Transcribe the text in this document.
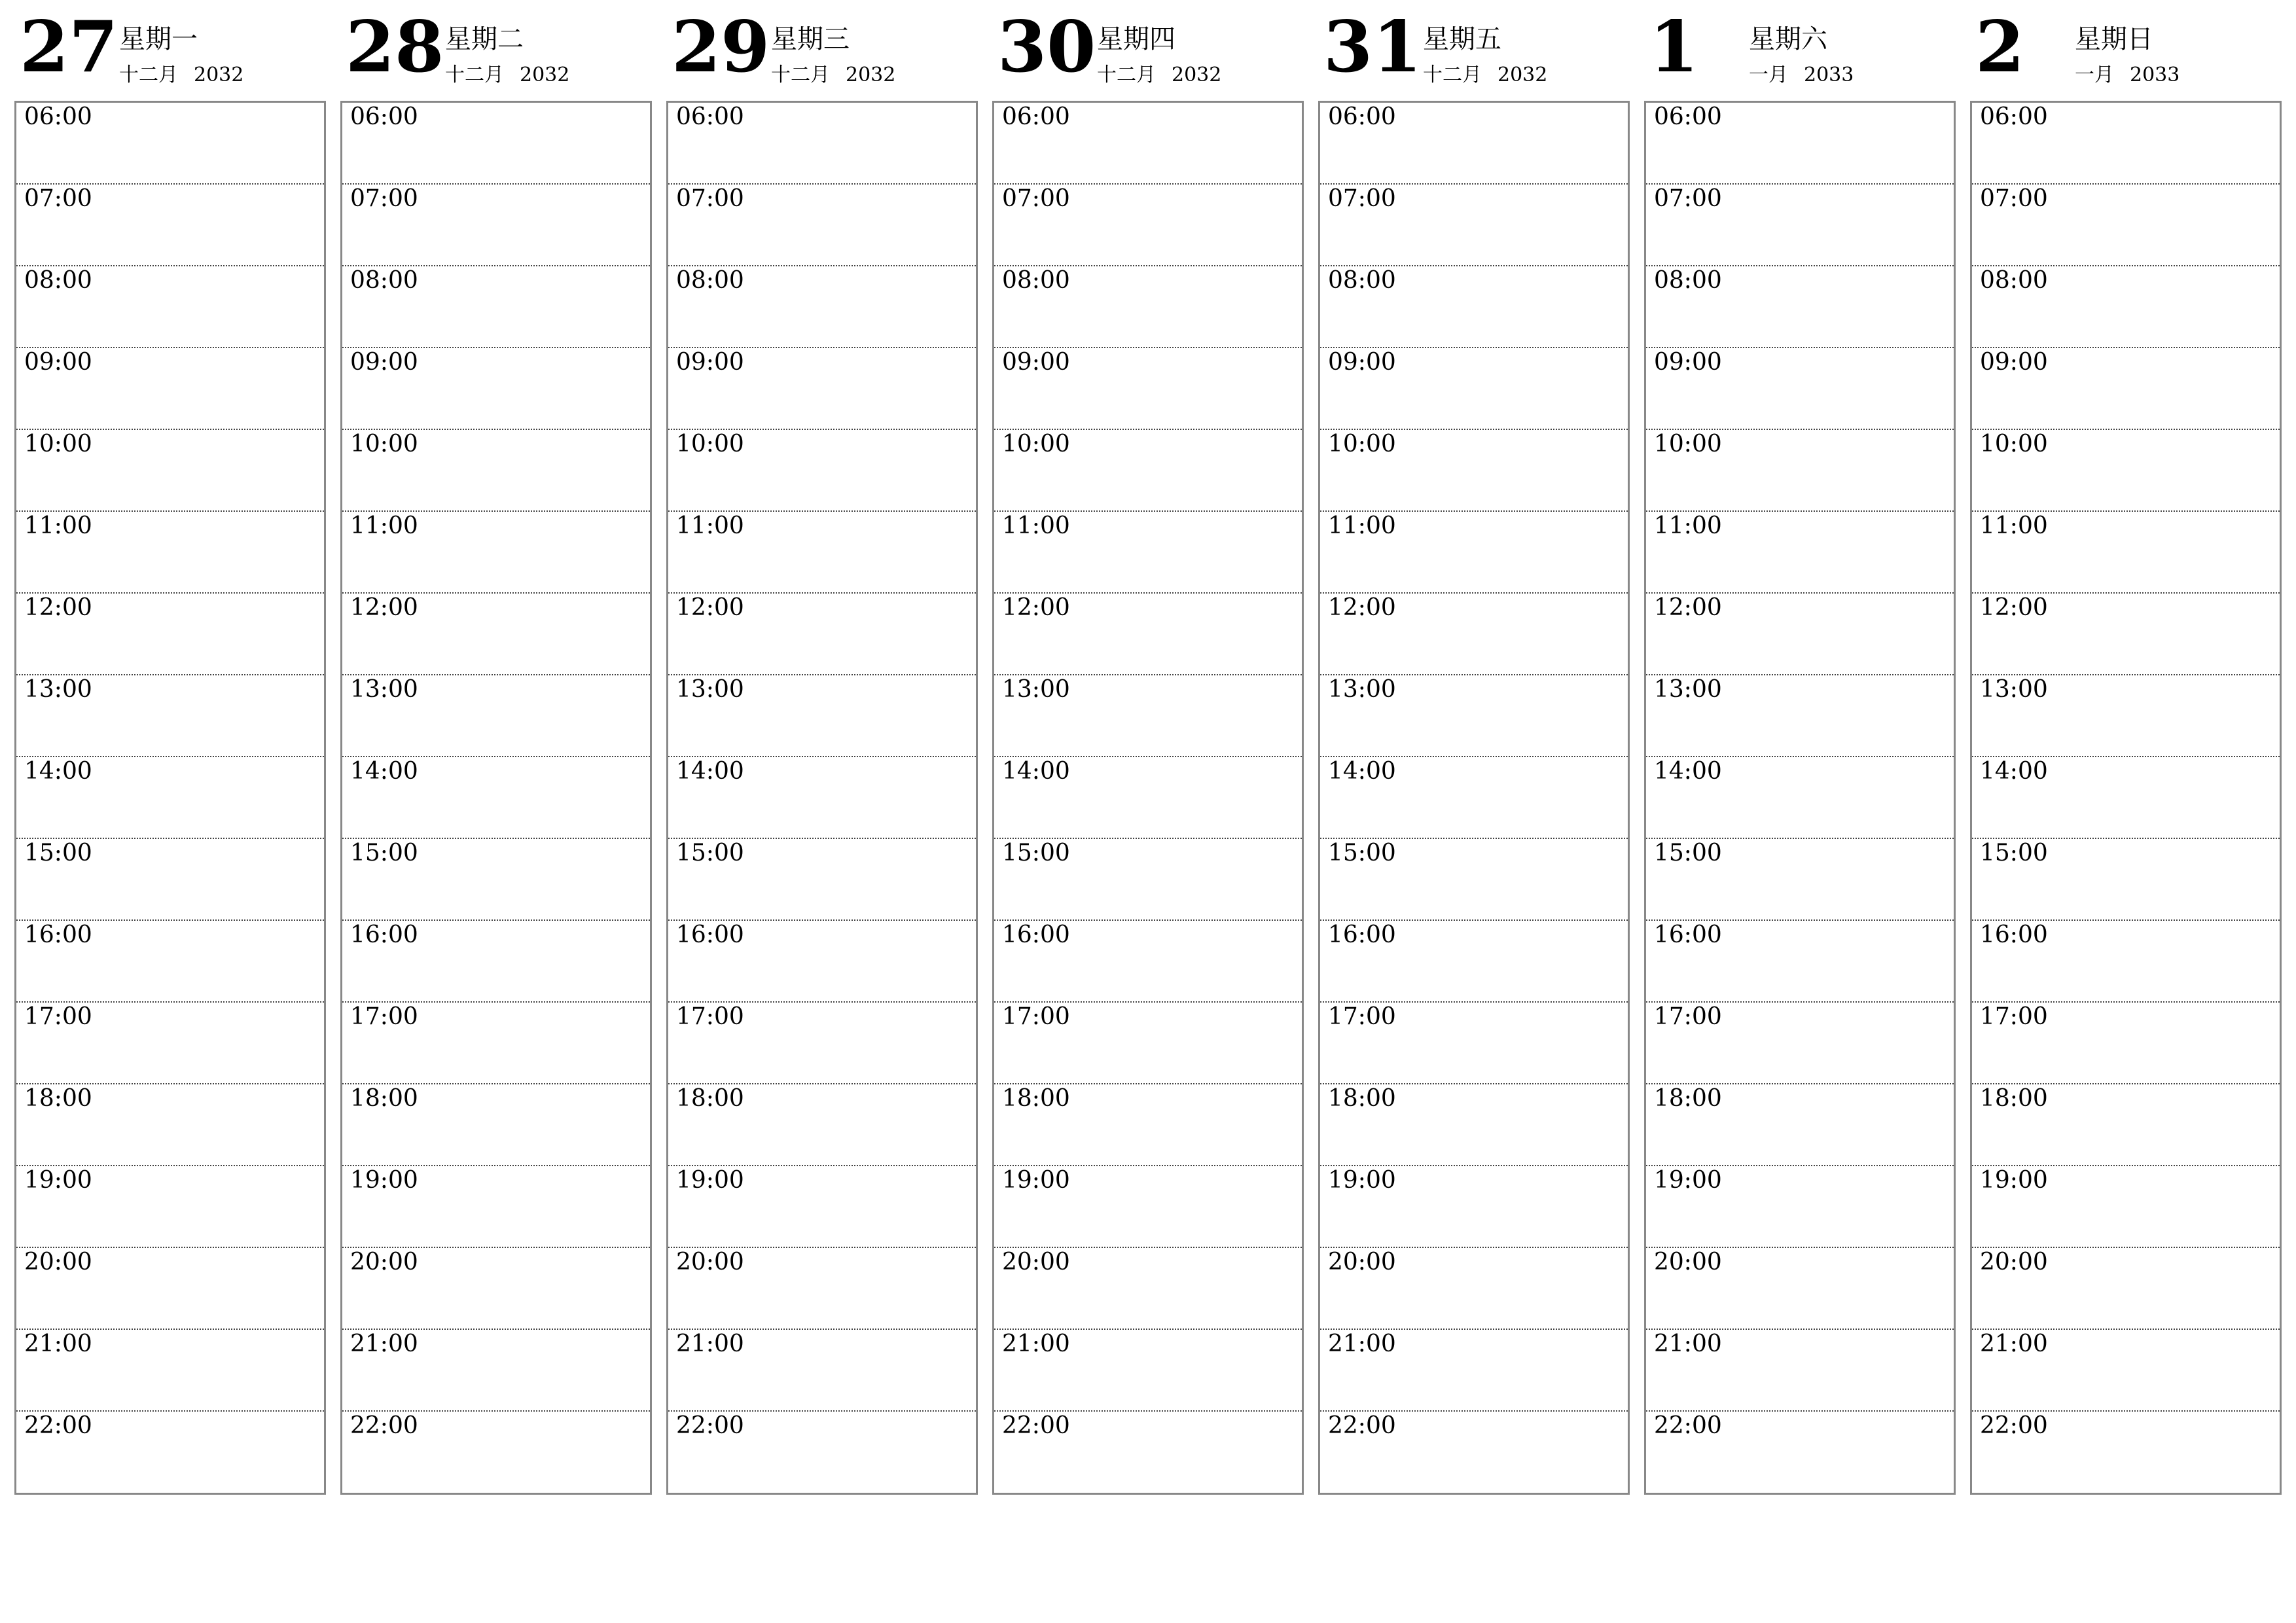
27 星期一
十二月 2032
06:00
07:00
08:00
09:00
10:00
11:00
12:00
13:00
14:00
15:00
16:00
17:00
18:00
19:00
20:00
21:00
22:00
28 星期二
十二月 2032
06:00
07:00
08:00
09:00
10:00
11:00
12:00
13:00
14:00
15:00
16:00
17:00
18:00
19:00
20:00
21:00
22:00
29 星期三
十二月 2032
06:00
07:00
08:00
09:00
10:00
11:00
12:00
13:00
14:00
15:00
16:00
17:00
18:00
19:00
20:00
21:00
22:00
30 星期四
十二月 2032
06:00
07:00
08:00
09:00
10:00
11:00
12:00
13:00
14:00
15:00
16:00
17:00
18:00
19:00
20:00
21:00
22:00
31 星期五
十二月 2032
06:00
07:00
08:00
09:00
10:00
11:00
12:00
13:00
14:00
15:00
16:00
17:00
18:00
19:00
20:00
21:00
22:00
1 星期六
一月 2033
06:00
07:00
08:00
09:00
10:00
11:00
12:00
13:00
14:00
15:00
16:00
17:00
18:00
19:00
20:00
21:00
22:00
2 星期日
一月 2033
06:00
07:00
08:00
09:00
10:00
11:00
12:00
13:00
14:00
15:00
16:00
17:00
18:00
19:00
20:00
21:00
22:00
